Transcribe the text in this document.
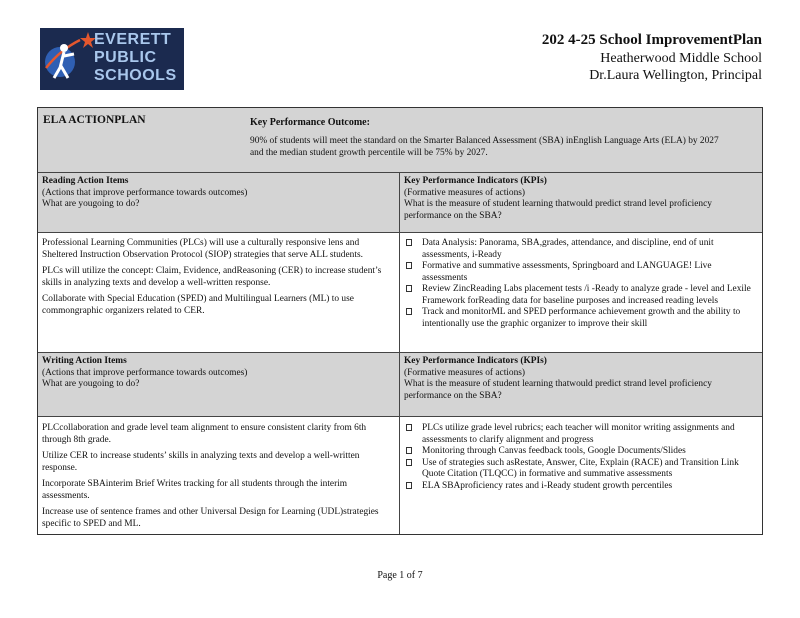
EVERETT
PUBLIC
SCHOOLS
202 4-25 School ImprovementPlan
Heatherwood Middle School
Dr.Laura Wellington, Principal
ELA ACTIONPLAN	Key Performance Outcome:
90% of students will meet the standard on the Smarter Balanced Assessment (SBA) inEnglish Language Arts (ELA) by 2027 and the median student growth percentile will be 75% by 2027.
Reading Action Items
(Actions that improve performance towards outcomes)
What are yougoing to do?
Key Performance Indicators (KPIs)
(Formative measures of actions)
What is the measure of student learning thatwould predict strand level proficiency performance on the SBA?

Professional Learning Communities (PLCs) will use a culturally responsive lens and Sheltered Instruction Observation Protocol (SIOP) strategies that serve ALL students.

PLCs will utilize the concept: Claim, Evidence, andReasoning (CER) to increase student’s skills in analyzing texts and develop a well-written response.

Collaborate with Special Education (SPED) and Multilingual Learners (ML) to use commongraphic organizers related to CER.

Data Analysis: Panorama, SBA,grades, attendance, and discipline, end of unit assessments, i-Ready
Formative and summative assessments, Springboard and LANGUAGE! Live assessments
Review ZincReading Labs placement tests /i -Ready to analyze grade - level and Lexile Framework forReading data for baseline purposes and increased reading levels
Track and monitorML and SPED performance achievement growth and the ability to intentionally use the graphic organizer to improve their skill
Writing Action Items
(Actions that improve performance towards outcomes)
What are yougoing to do?
Key Performance Indicators (KPIs)
(Formative measures of actions)
What is the measure of student learning thatwould predict strand level proficiency performance on the SBA?

PLCcollaboration and grade level team alignment to ensure consistent clarity from 6th through 8th grade.

Utilize CER to increase students’ skills in analyzing texts and develop a well-written response.

Incorporate SBAinterim Brief Writes tracking for all students through the interim assessments.

Increase use of sentence frames and other Universal Design for Learning (UDL)strategies specific to SPED and ML.

PLCs utilize grade level rubrics; each teacher will monitor writing assignments and assessments to clarify alignment and progress
Monitoring through Canvas feedback tools, Google Documents/Slides
Use of strategies such asRestate, Answer, Cite, Explain (RACE) and Transition Link Quote Citation (TLQCC) in formative and summative assessments
ELA SBAproficiency rates and i-Ready student growth percentiles
Page 1 of 7
